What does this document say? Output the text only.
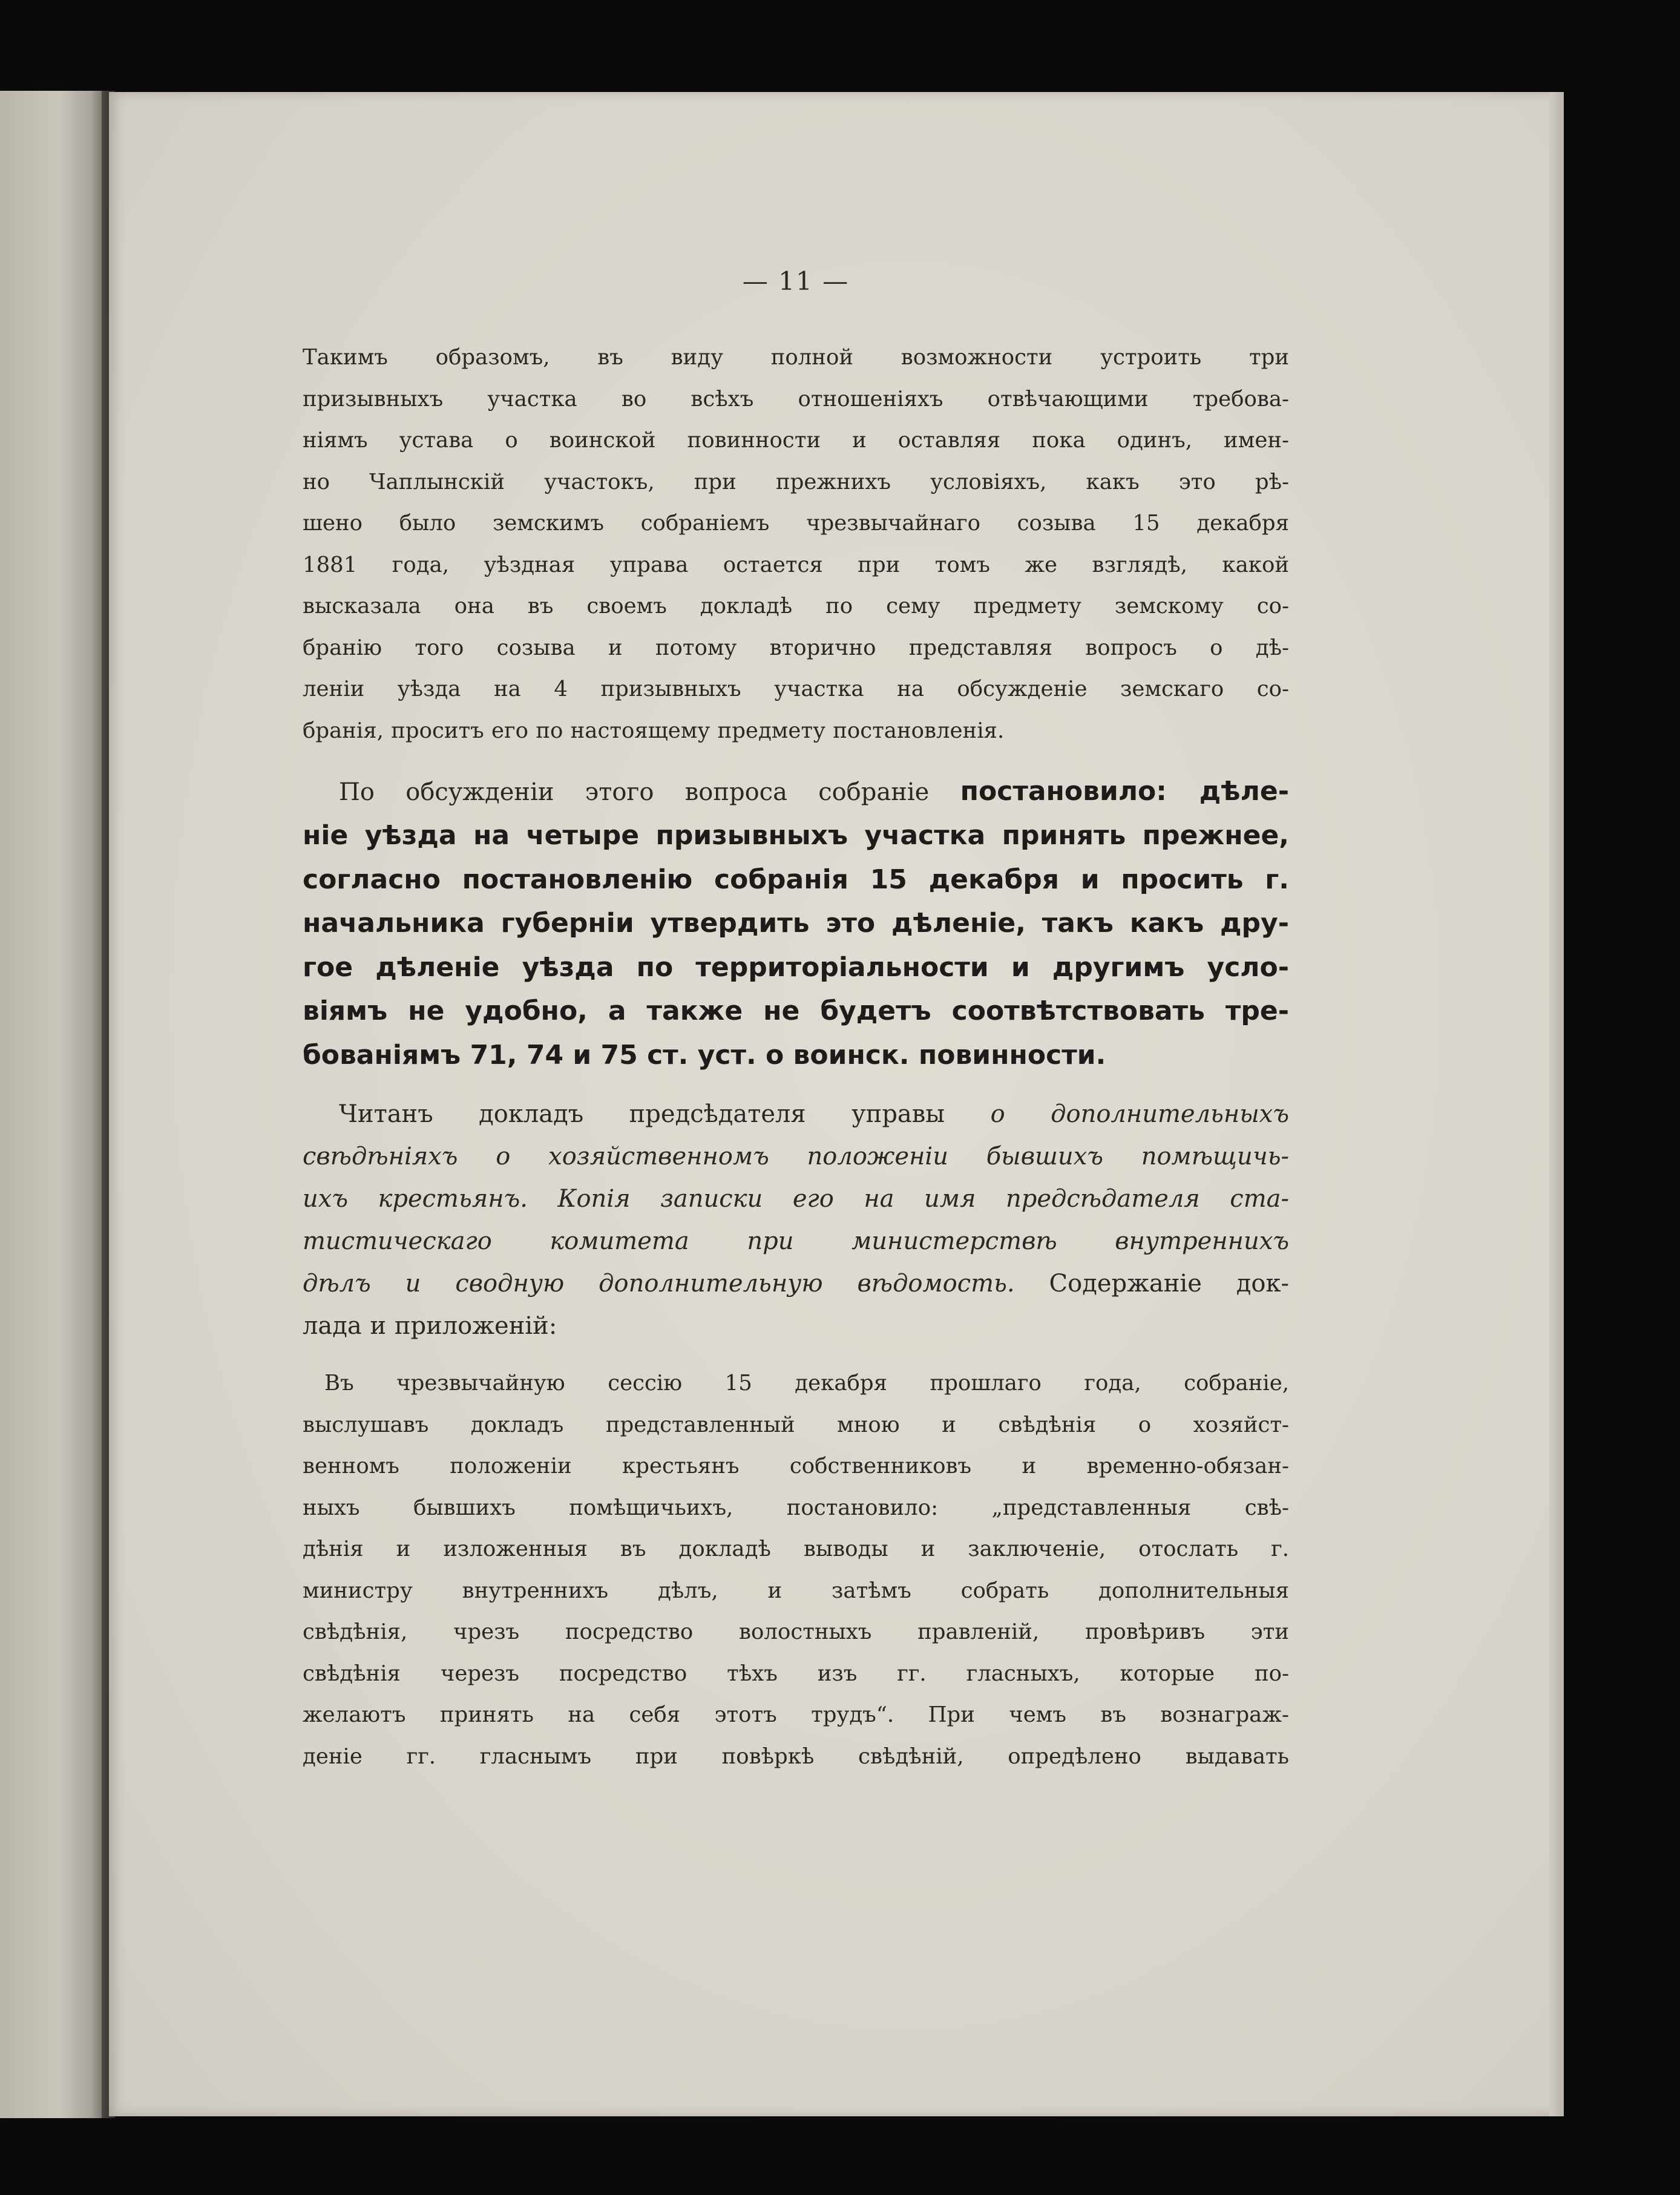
— 11 —
Такимъ образомъ, въ виду полной возможности устроить три
призывныхъ участка во всѣхъ отношеніяхъ отвѣчающими требова-
ніямъ устава о воинской повинности и оставляя пока одинъ, имен-
но Чаплынскій участокъ, при прежнихъ условіяхъ, какъ это рѣ-
шено было земскимъ собраніемъ чрезвычайнаго созыва 15 декабря
1881 года, уѣздная управа остается при томъ же взглядѣ, какой
высказала она въ своемъ докладѣ по сему предмету земскому со-
бранію того созыва и потому вторично представляя вопросъ о дѣ-
леніи уѣзда на 4 призывныхъ участка на обсужденіе земскаго со-
бранія, проситъ его по настоящему предмету постановленія.
По обсужденіи этого вопроса собраніе постановило: дѣле-
ніе уѣзда на четыре призывныхъ участка принять прежнее,
согласно постановленію собранія 15 декабря и просить г.
начальника губерніи утвердить это дѣленіе, такъ какъ дру-
гое дѣленіе уѣзда по территоріальности и другимъ усло-
віямъ не удобно, а также не будетъ соотвѣтствовать тре-
бованіямъ 71, 74 и 75 ст. уст. о воинск. повинности.
Читанъ докладъ предсѣдателя управы о дополнительныхъ
свѣдѣніяхъ о хозяйственномъ положеніи бывшихъ помѣщичь-
ихъ крестьянъ. Копія записки его на имя предсѣдателя ста-
тистическаго комитета при министерствѣ внутреннихъ
дѣлъ и сводную дополнительную вѣдомость. Содержаніе док-
лада и приложеній:
Въ чрезвычайную сессію 15 декабря прошлаго года, собраніе,
выслушавъ докладъ представленный мною и свѣдѣнія о хозяйст-
венномъ положеніи крестьянъ собственниковъ и временно-обязан-
ныхъ бывшихъ помѣщичьихъ, постановило: „представленныя свѣ-
дѣнія и изложенныя въ докладѣ выводы и заключеніе, отослать г.
министру внутреннихъ дѣлъ, и затѣмъ собрать дополнительныя
свѣдѣнія, чрезъ посредство волостныхъ правленій, провѣривъ эти
свѣдѣнія черезъ посредство тѣхъ изъ гг. гласныхъ, которые по-
желаютъ принять на себя этотъ трудъ“. При чемъ въ вознаграж-
деніе гг. гласнымъ при повѣркѣ свѣдѣній, опредѣлено выдавать
